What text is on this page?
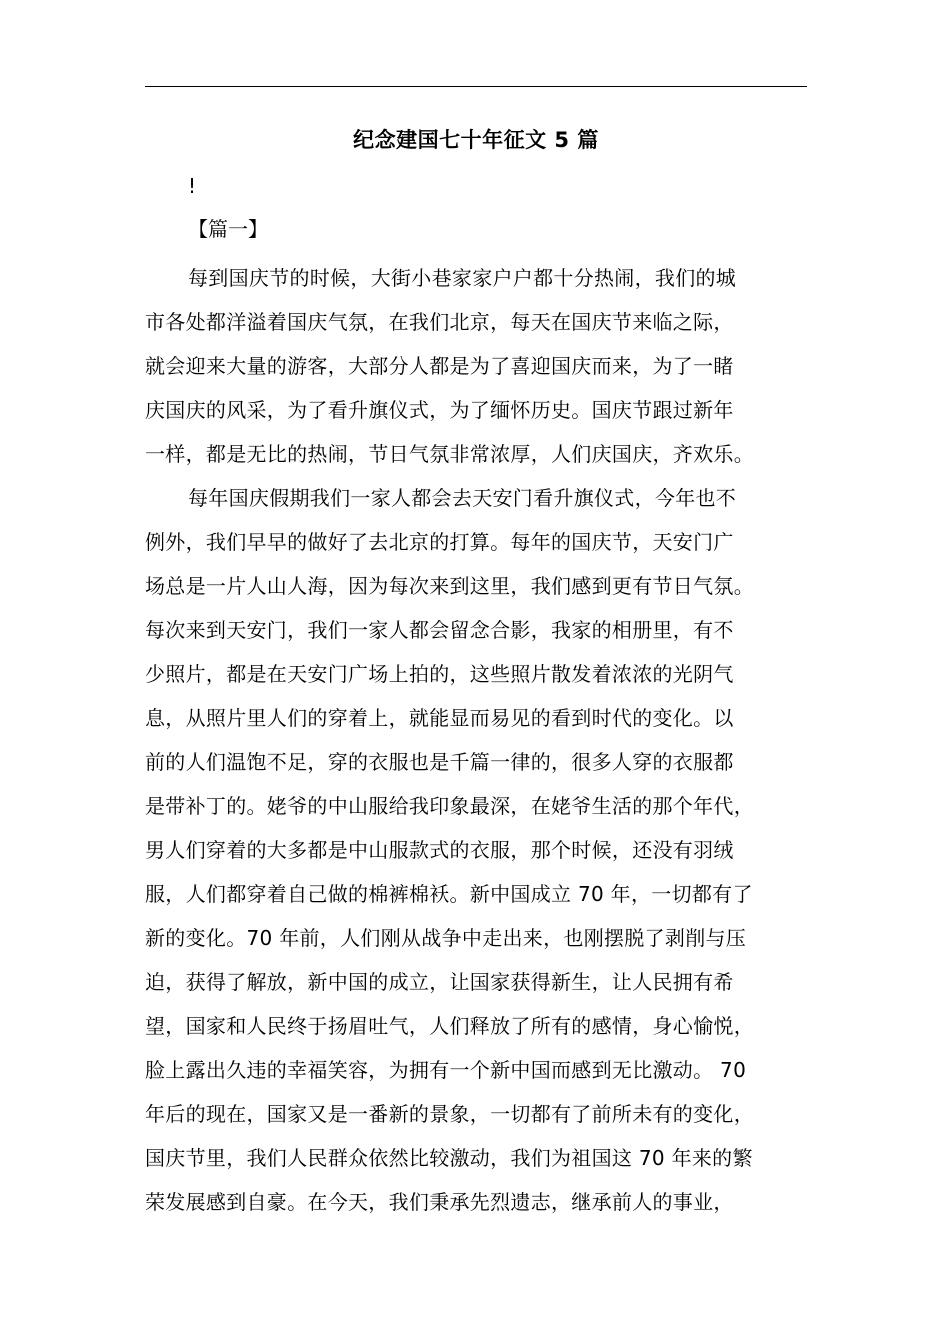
纪念建国七十年征文 5 篇
!
【篇一】
每到国庆节的时候，大街小巷家家户户都十分热闹，我们的城
市各处都洋溢着国庆气氛，在我们北京，每天在国庆节来临之际，
就会迎来大量的游客，大部分人都是为了喜迎国庆而来，为了一睹
庆国庆的风采，为了看升旗仪式，为了缅怀历史。国庆节跟过新年
一样，都是无比的热闹，节日气氛非常浓厚，人们庆国庆，齐欢乐。
每年国庆假期我们一家人都会去天安门看升旗仪式，今年也不
例外，我们早早的做好了去北京的打算。每年的国庆节，天安门广
场总是一片人山人海，因为每次来到这里，我们感到更有节日气氛。
每次来到天安门，我们一家人都会留念合影，我家的相册里，有不
少照片，都是在天安门广场上拍的，这些照片散发着浓浓的光阴气
息，从照片里人们的穿着上，就能显而易见的看到时代的变化。以
前的人们温饱不足，穿的衣服也是千篇一律的，很多人穿的衣服都
是带补丁的。姥爷的中山服给我印象最深，在姥爷生活的那个年代，
男人们穿着的大多都是中山服款式的衣服，那个时候，还没有羽绒
服，人们都穿着自己做的棉裤棉袄。新中国成立 70 年，一切都有了
新的变化。70 年前，人们刚从战争中走出来，也刚摆脱了剥削与压
迫，获得了解放，新中国的成立，让国家获得新生，让人民拥有希
望，国家和人民终于扬眉吐气，人们释放了所有的感情，身心愉悦，
脸上露出久违的幸福笑容，为拥有一个新中国而感到无比激动。 70
年后的现在，国家又是一番新的景象，一切都有了前所未有的变化，
国庆节里，我们人民群众依然比较激动，我们为祖国这 70 年来的繁
荣发展感到自豪。在今天，我们秉承先烈遗志，继承前人的事业，
